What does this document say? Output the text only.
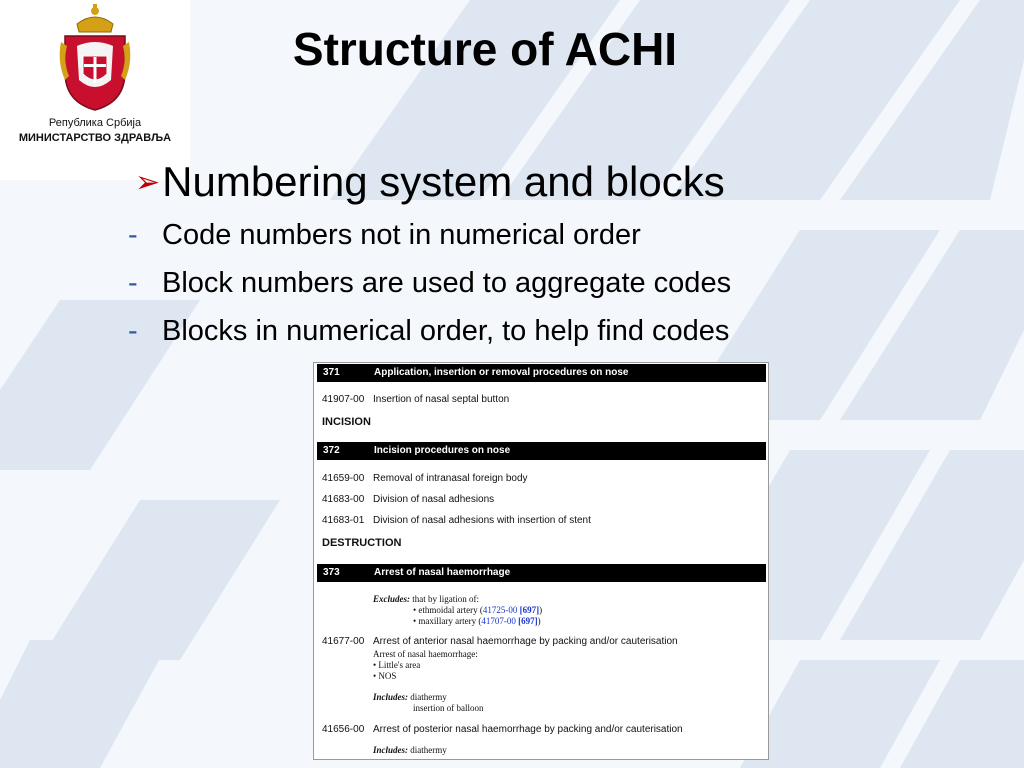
Република Србија
МИНИСТАРСТВО ЗДРАВЉА
Structure of ACHI
➢Numbering system and blocks
- Code numbers not in numerical order
- Block numbers are used to aggregate codes
- Blocks in numerical order, to help find codes
371	Application, insertion or removal procedures on nose
41907-00 Insertion of nasal septal button
INCISION
372	Incision procedures on nose
41659-00 Removal of intranasal foreign body
41683-00 Division of nasal adhesions
41683-01 Division of nasal adhesions with insertion of stent
DESTRUCTION
373	Arrest of nasal haemorrhage
Excludes: that by ligation of:
• ethmoidal artery (41725-00 [697])
• maxillary artery (41707-00 [697])
41677-00 Arrest of anterior nasal haemorrhage by packing and/or cauterisation
Arrest of nasal haemorrhage:
• Little's area
• NOS
Includes: diathermy
insertion of balloon
41656-00 Arrest of posterior nasal haemorrhage by packing and/or cauterisation
Includes: diathermy
